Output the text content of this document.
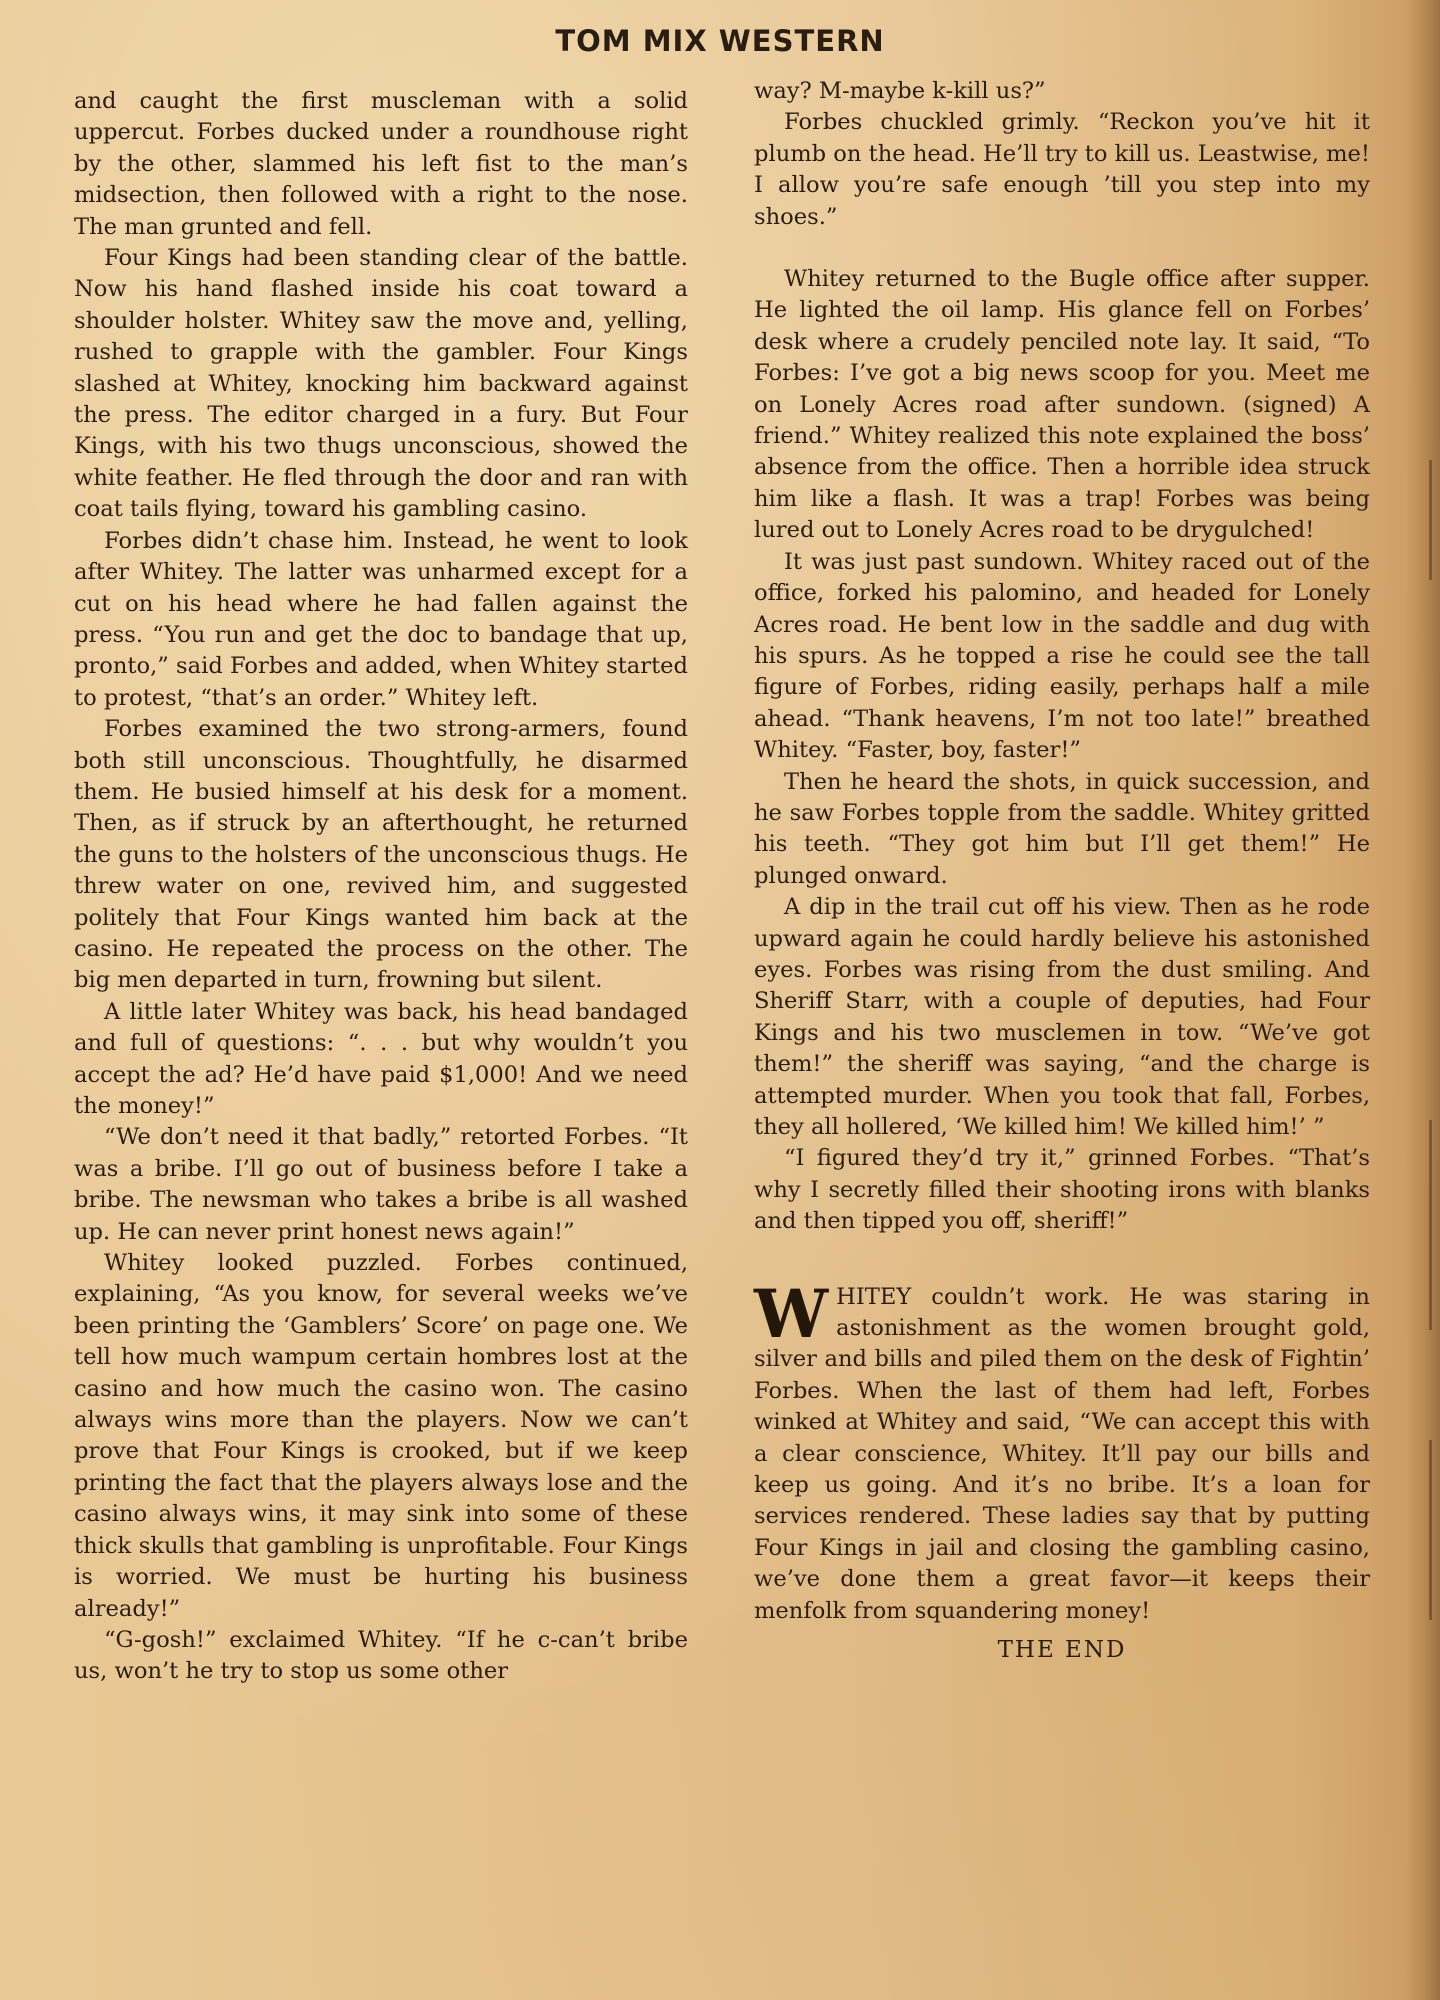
TOM MIX WESTERN

and caught the first muscleman with a solid uppercut. Forbes ducked under a roundhouse right by the other, slammed his left fist to the man’s midsection, then followed with a right to the nose. The man grunted and fell.

Four Kings had been standing clear of the battle. Now his hand flashed inside his coat toward a shoulder holster. Whitey saw the move and, yelling, rushed to grapple with the gambler. Four Kings slashed at Whitey, knocking him backward against the press. The editor charged in a fury. But Four Kings, with his two thugs unconscious, showed the white feather. He fled through the door and ran with coat tails flying, toward his gambling casino.

Forbes didn’t chase him. Instead, he went to look after Whitey. The latter was unharmed except for a cut on his head where he had fallen against the press. “You run and get the doc to bandage that up, pronto,” said Forbes and added, when Whitey started to protest, “that’s an order.” Whitey left.

Forbes examined the two strong-armers, found both still unconscious. Thoughtfully, he disarmed them. He busied himself at his desk for a moment. Then, as if struck by an afterthought, he returned the guns to the holsters of the unconscious thugs. He threw water on one, revived him, and suggested politely that Four Kings wanted him back at the casino. He repeated the process on the other. The big men departed in turn, frowning but silent.

A little later Whitey was back, his head bandaged and full of questions: “. . . but why wouldn’t you accept the ad? He’d have paid $1,000! And we need the money!”

“We don’t need it that badly,” retorted Forbes. “It was a bribe. I’ll go out of business before I take a bribe. The newsman who takes a bribe is all washed up. He can never print honest news again!”

Whitey looked puzzled. Forbes continued, explaining, “As you know, for several weeks we’ve been printing the ‘Gamblers’ Score’ on page one. We tell how much wampum certain hombres lost at the casino and how much the casino won. The casino always wins more than the players. Now we can’t prove that Four Kings is crooked, but if we keep printing the fact that the players always lose and the casino always wins, it may sink into some of these thick skulls that gambling is unprofitable. Four Kings is worried. We must be hurting his business already!”

“G-gosh!” exclaimed Whitey. “If he c-can’t bribe us, won’t he try to stop us some other

way? M-maybe k-kill us?”

Forbes chuckled grimly. “Reckon you’ve hit it plumb on the head. He’ll try to kill us. Leastwise, me! I allow you’re safe enough ’till you step into my shoes.”

Whitey returned to the Bugle office after supper. He lighted the oil lamp. His glance fell on Forbes’ desk where a crudely penciled note lay. It said, “To Forbes: I’ve got a big news scoop for you. Meet me on Lonely Acres road after sundown. (signed) A friend.” Whitey realized this note explained the boss’ absence from the office. Then a horrible idea struck him like a flash. It was a trap! Forbes was being lured out to Lonely Acres road to be drygulched!

It was just past sundown. Whitey raced out of the office, forked his palomino, and headed for Lonely Acres road. He bent low in the saddle and dug with his spurs. As he topped a rise he could see the tall figure of Forbes, riding easily, perhaps half a mile ahead. “Thank heavens, I’m not too late!” breathed Whitey. “Faster, boy, faster!”

Then he heard the shots, in quick succession, and he saw Forbes topple from the saddle. Whitey gritted his teeth. “They got him but I’ll get them!” He plunged onward.

A dip in the trail cut off his view. Then as he rode upward again he could hardly believe his astonished eyes. Forbes was rising from the dust smiling. And Sheriff Starr, with a couple of deputies, had Four Kings and his two musclemen in tow. “We’ve got them!” the sheriff was saying, “and the charge is attempted murder. When you took that fall, Forbes, they all hollered, ‘We killed him! We killed him!’ ”

“I figured they’d try it,” grinned Forbes. “That’s why I secretly filled their shooting irons with blanks and then tipped you off, sheriff!”

WHITEY couldn’t work. He was staring in astonishment as the women brought gold, silver and bills and piled them on the desk of Fightin’ Forbes. When the last of them had left, Forbes winked at Whitey and said, “We can accept this with a clear conscience, Whitey. It’ll pay our bills and keep us going. And it’s no bribe. It’s a loan for services rendered. These ladies say that by putting Four Kings in jail and closing the gambling casino, we’ve done them a great favor—it keeps their menfolk from squandering money!

THE END
